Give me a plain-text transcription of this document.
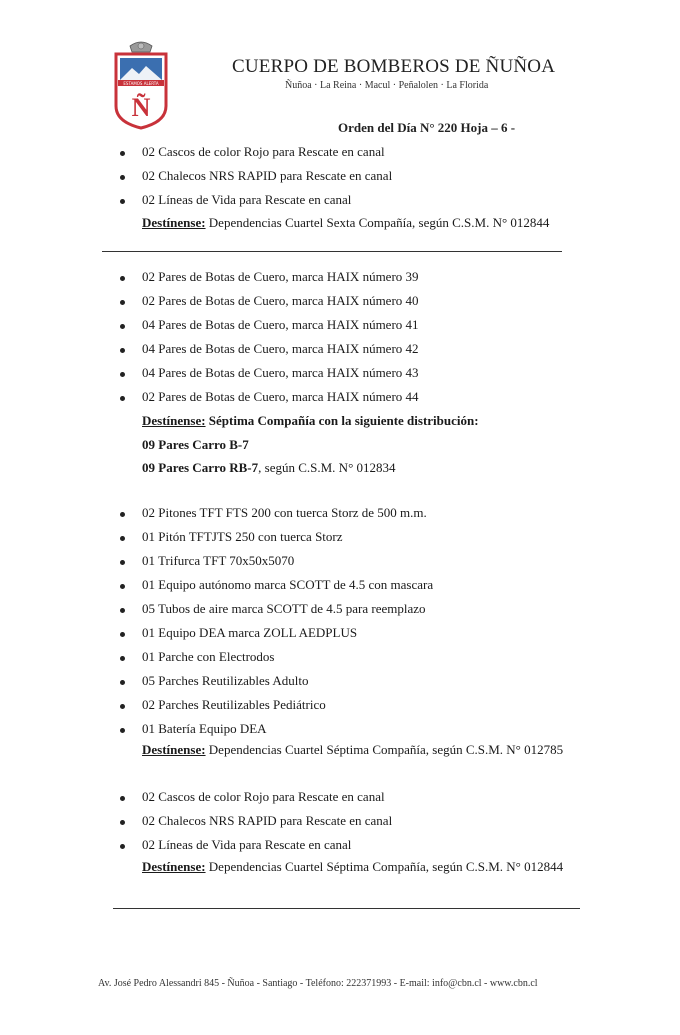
ESTAMOS ALERTA
Ñ
CUERPO DE BOMBEROS DE ÑUÑOA
Ñuñoa · La Reina · Macul · Peñalolen · La Florida
Orden del Día N° 220 Hoja – 6 -
02 Cascos de color Rojo para Rescate en canal
02 Chalecos NRS RAPID para Rescate en canal
02 Líneas de Vida para Rescate en canal
Destínense: Dependencias Cuartel Sexta Compañía, según C.S.M. N° 012844
02 Pares de Botas de Cuero, marca HAIX número 39
02 Pares de Botas de Cuero, marca HAIX número 40
04 Pares de Botas de Cuero, marca HAIX número 41
04 Pares de Botas de Cuero, marca HAIX número 42
04 Pares de Botas de Cuero, marca HAIX número 43
02 Pares de Botas de Cuero, marca HAIX número 44
Destínense: Séptima Compañía con la siguiente distribución:
09 Pares Carro B-7
09 Pares Carro RB-7, según C.S.M. N° 012834
02 Pitones TFT FTS 200 con tuerca Storz de 500 m.m.
01 Pitón TFTJTS 250 con tuerca Storz
01 Trifurca TFT 70x50x5070
01 Equipo autónomo marca SCOTT de 4.5 con mascara
05 Tubos de aire marca SCOTT de 4.5 para reemplazo
01 Equipo DEA marca ZOLL AEDPLUS
01 Parche con Electrodos
05 Parches Reutilizables Adulto
02 Parches Reutilizables Pediátrico
01 Batería Equipo DEA
Destínense: Dependencias Cuartel Séptima Compañía, según C.S.M. N° 012785
02 Cascos de color Rojo para Rescate en canal
02 Chalecos NRS RAPID para Rescate en canal
02 Líneas de Vida para Rescate en canal
Destínense: Dependencias Cuartel Séptima Compañía, según C.S.M. N° 012844
Av. José Pedro Alessandri 845 - Ñuñoa - Santiago - Teléfono: 222371993 - E-mail: info@cbn.cl - www.cbn.cl
